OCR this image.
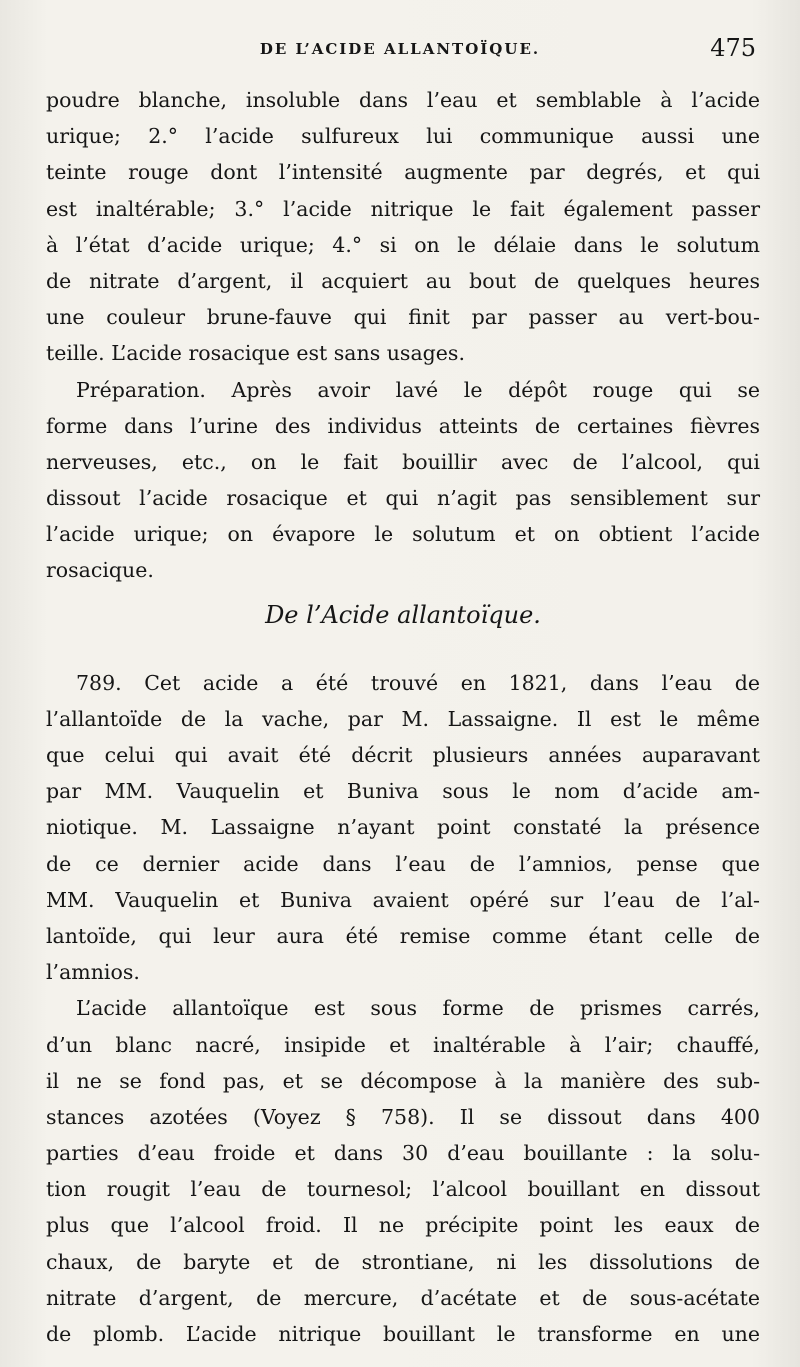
DE L’ACIDE ALLANTOÏQUE.	475
poudre blanche, insoluble dans l’eau et semblable à l’acide
urique; 2.° l’acide sulfureux lui communique aussi une
teinte rouge dont l’intensité augmente par degrés, et qui
est inaltérable; 3.° l’acide nitrique le fait également passer
à l’état d’acide urique; 4.° si on le délaie dans le solutum
de nitrate d’argent, il acquiert au bout de quelques heures
une couleur brune-fauve qui finit par passer au vert-bou-
teille. L’acide rosacique est sans usages.
Préparation. Après avoir lavé le dépôt rouge qui se
forme dans l’urine des individus atteints de certaines fièvres
nerveuses, etc., on le fait bouillir avec de l’alcool, qui
dissout l’acide rosacique et qui n’agit pas sensiblement sur
l’acide urique; on évapore le solutum et on obtient l’acide
rosacique.
De l’Acide allantoïque.
789. Cet acide a été trouvé en 1821, dans l’eau de
l’allantoïde de la vache, par M. Lassaigne. Il est le même
que celui qui avait été décrit plusieurs années auparavant
par MM. Vauquelin et Buniva sous le nom d’acide am-
niotique. M. Lassaigne n’ayant point constaté la présence
de ce dernier acide dans l’eau de l’amnios, pense que
MM. Vauquelin et Buniva avaient opéré sur l’eau de l’al-
lantoïde, qui leur aura été remise comme étant celle de
l’amnios.
L’acide allantoïque est sous forme de prismes carrés,
d’un blanc nacré, insipide et inaltérable à l’air; chauffé,
il ne se fond pas, et se décompose à la manière des sub-
stances azotées (Voyez § 758). Il se dissout dans 400
parties d’eau froide et dans 30 d’eau bouillante : la solu-
tion rougit l’eau de tournesol; l’alcool bouillant en dissout
plus que l’alcool froid. Il ne précipite point les eaux de
chaux, de baryte et de strontiane, ni les dissolutions de
nitrate d’argent, de mercure, d’acétate et de sous-acétate
de plomb. L’acide nitrique bouillant le transforme en une
